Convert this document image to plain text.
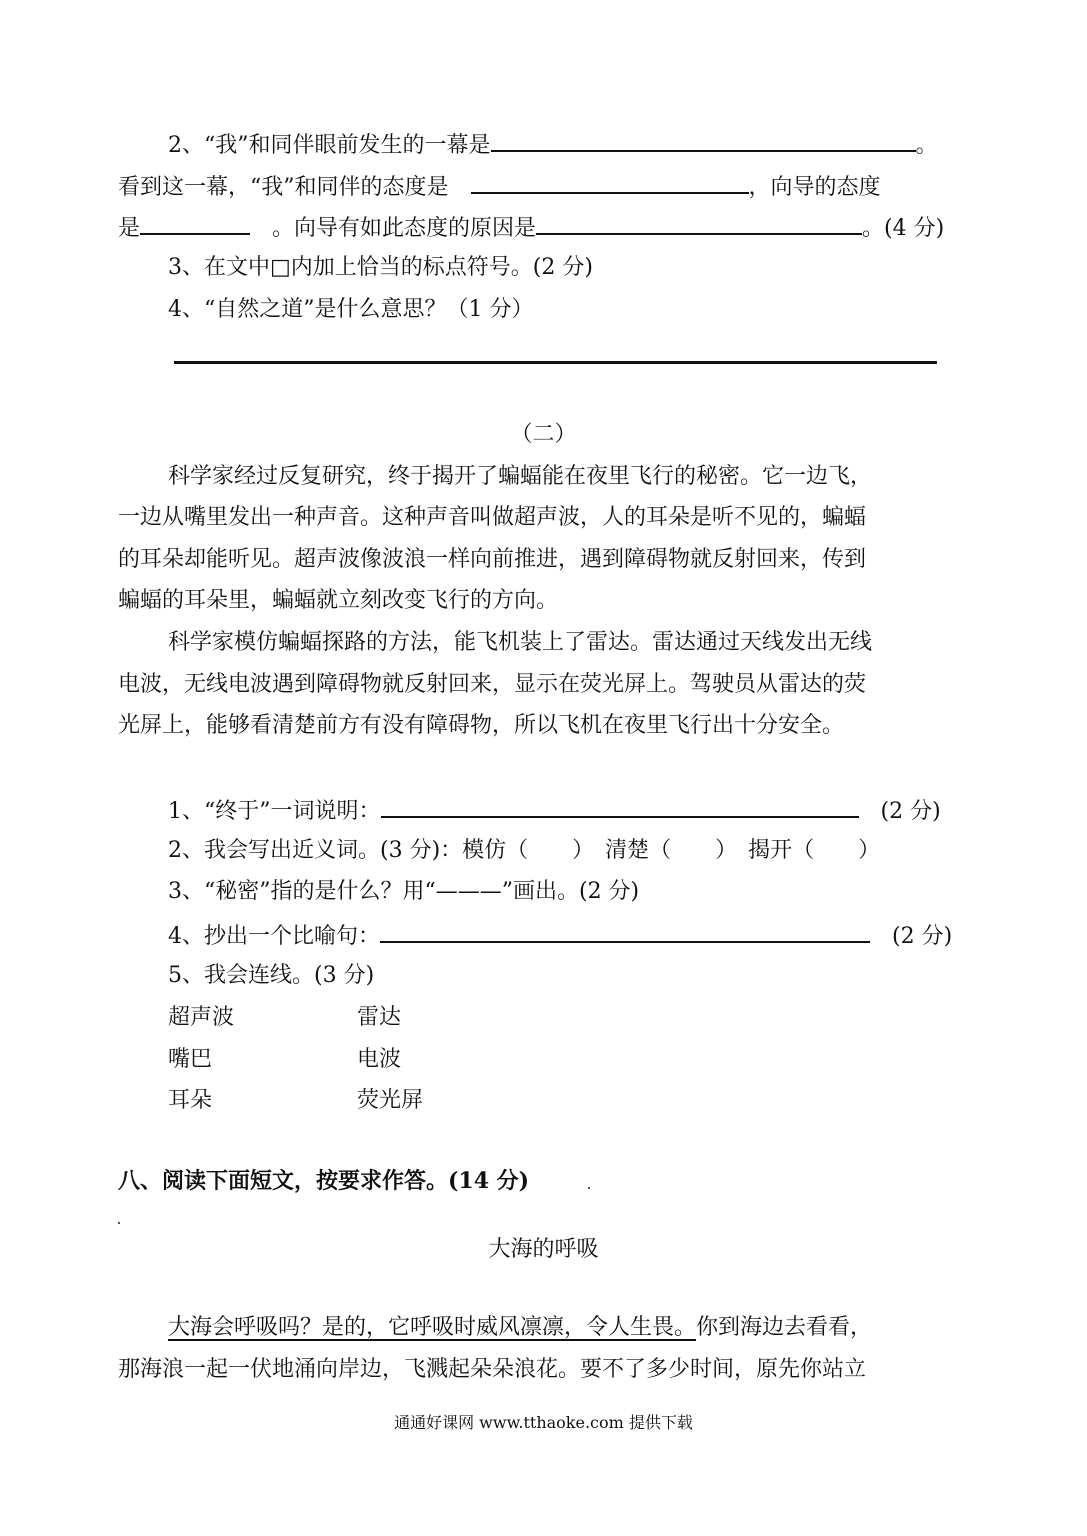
2、“我”和同伴眼前发生的一幕是	。
看到这一幕，“我”和同伴的态度是　	，向导的态度
是　	。向导有如此态度的原因是	。(4 分)
3、在文中□内加上恰当的标点符号。(2 分)
4、“自然之道”是什么意思？（1 分）
（二）
科学家经过反复研究，终于揭开了蝙蝠能在夜里飞行的秘密。它一边飞，
一边从嘴里发出一种声音。这种声音叫做超声波，人的耳朵是听不见的，蝙蝠
的耳朵却能听见。超声波像波浪一样向前推进，遇到障碍物就反射回来，传到
蝙蝠的耳朵里，蝙蝠就立刻改变飞行的方向。
科学家模仿蝙蝠探路的方法，能飞机装上了雷达。雷达通过天线发出无线
电波，无线电波遇到障碍物就反射回来，显示在荧光屏上。驾驶员从雷达的荧
光屏上，能够看清楚前方有没有障碍物，所以飞机在夜里飞行出十分安全。
1、“终于”一词说明：　	(2 分)
2、我会写出近义词。(3 分)：模仿（　　）　清楚（　　）　揭开（　　）
3、“秘密”指的是什么？用“———”画出。(2 分)
4、抄出一个比喻句：　	(2 分)
5、我会连线。(3 分)
超声波	雷达
嘴巴	电波
耳朵	荧光屏
八、阅读下面短文，按要求作答。(14 分)
大海的呼吸
大海会呼吸吗？是的，它呼吸时威风凛凛，令人生畏。你到海边去看看，
那海浪一起一伏地涌向岸边，飞溅起朵朵浪花。要不了多少时间，原先你站立
通通好课网 www.tthaoke.com 提供下载
